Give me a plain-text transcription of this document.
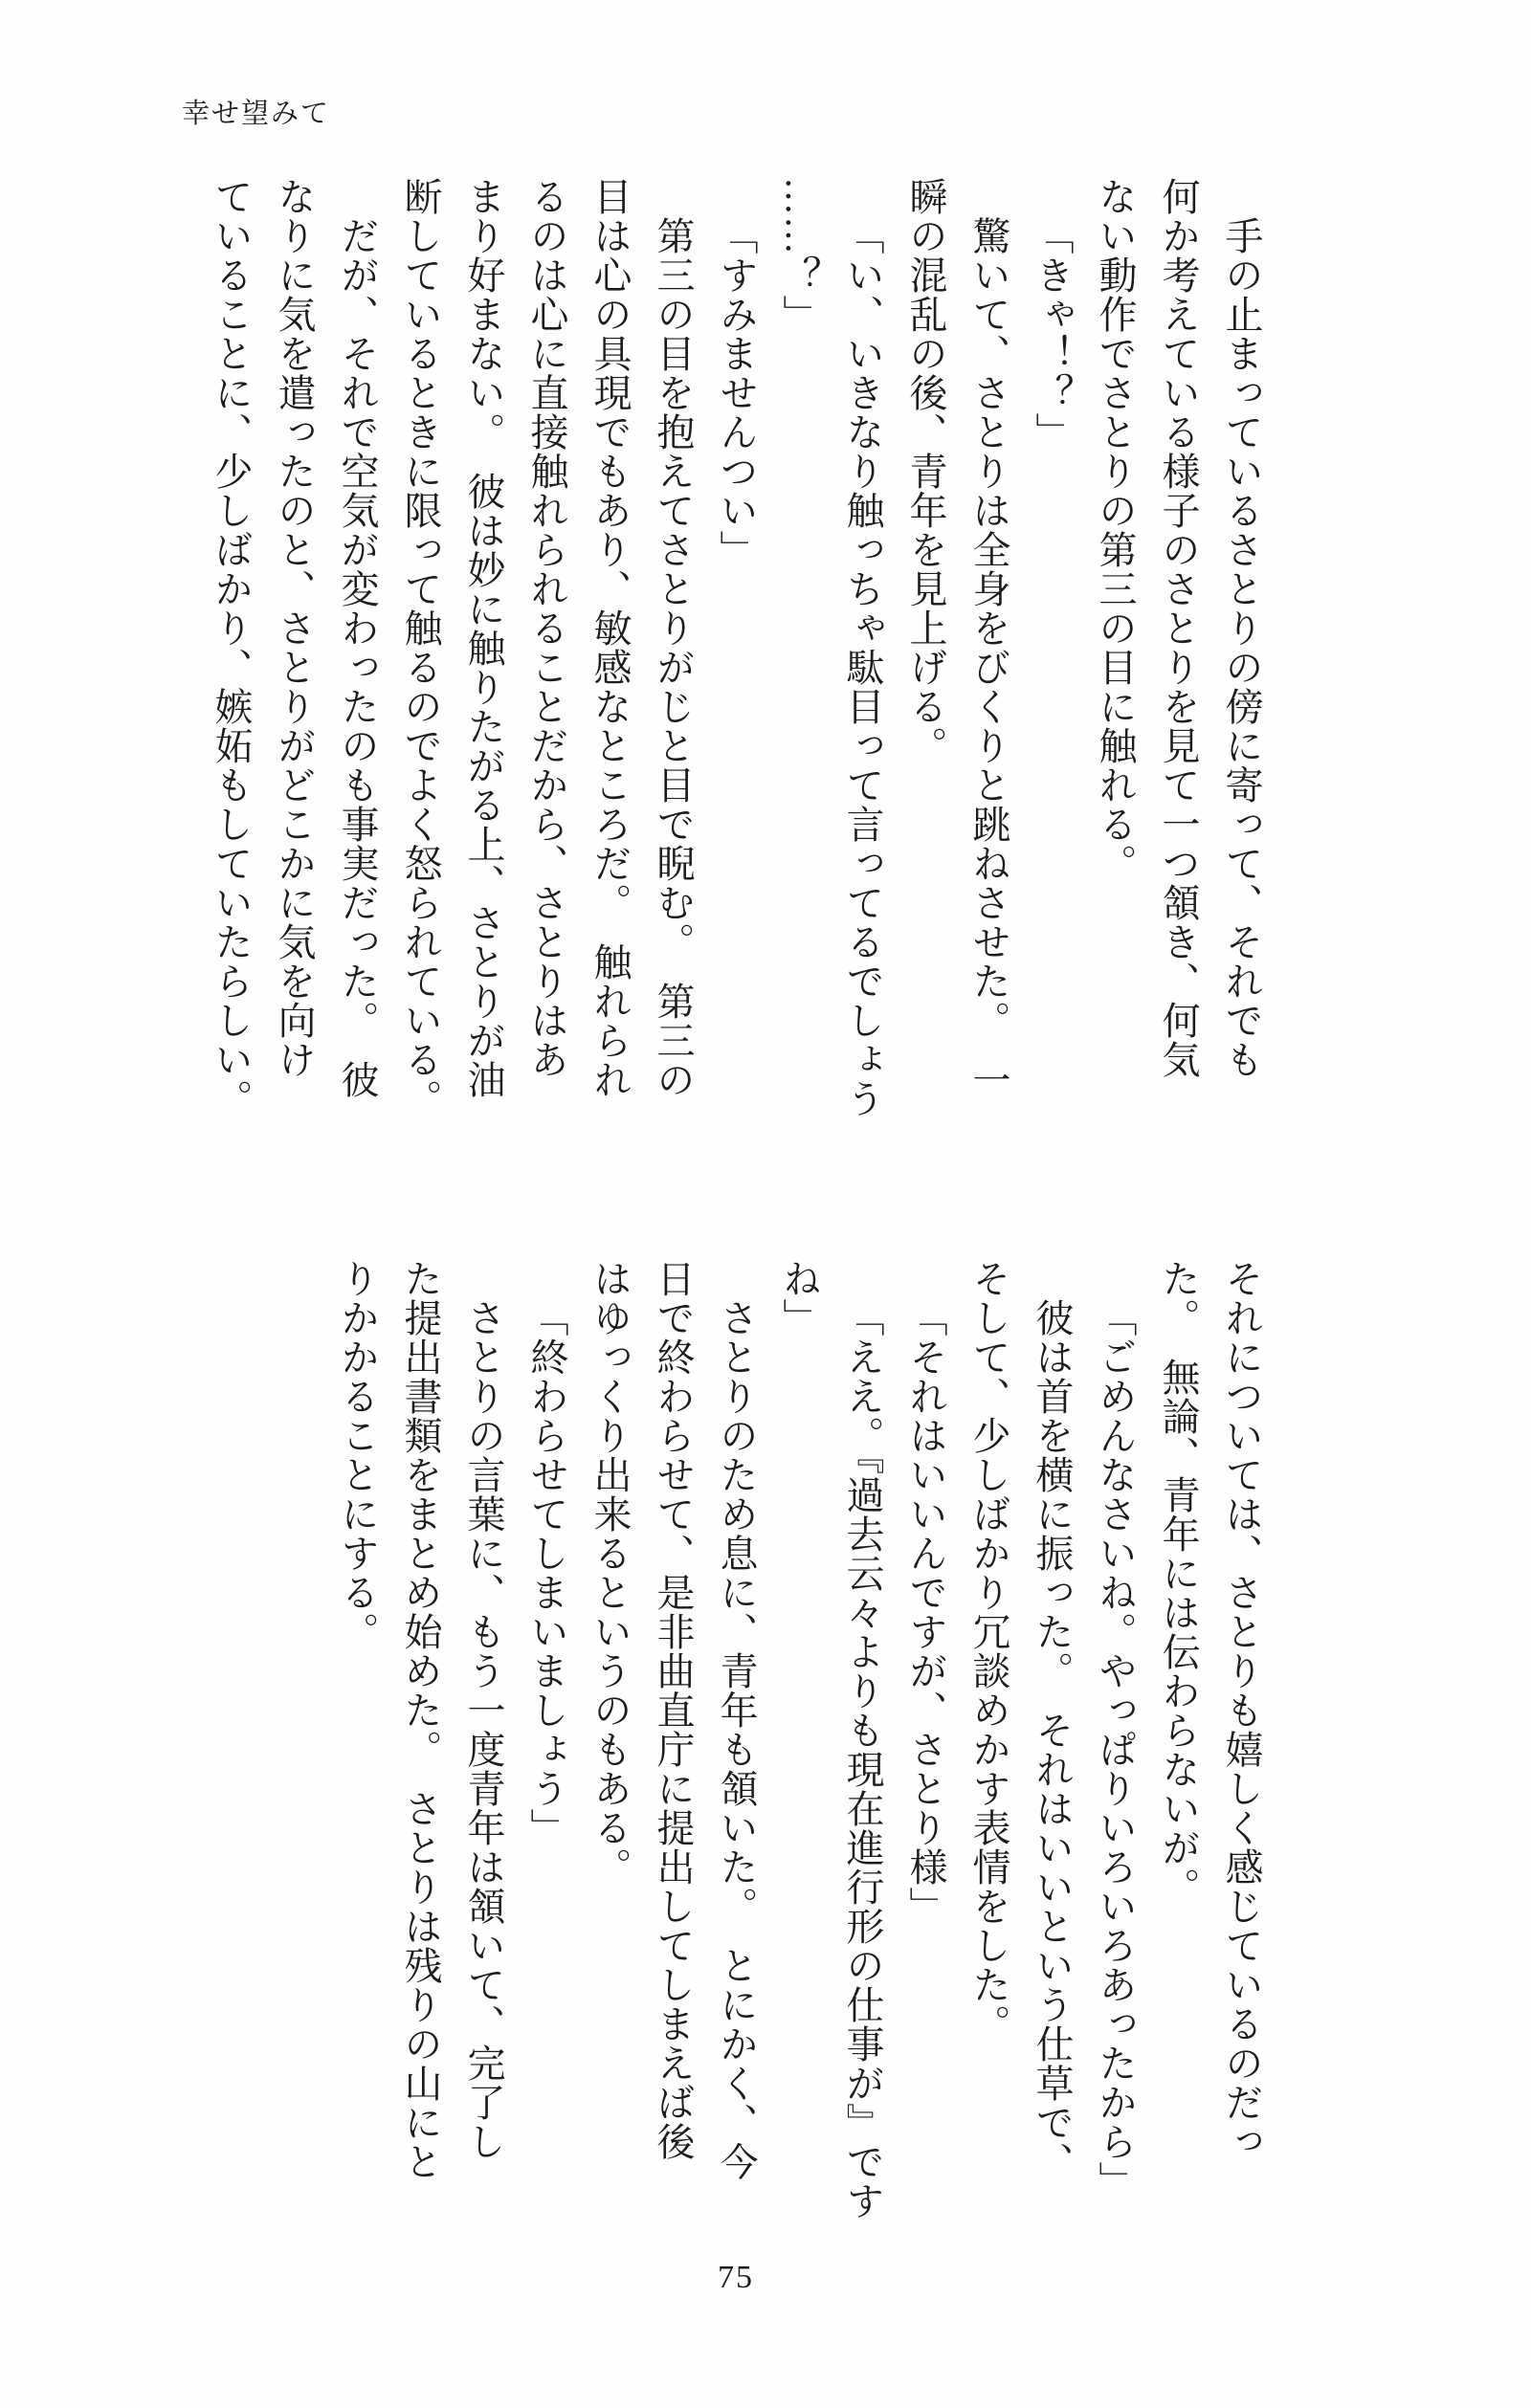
幸せ望みて

手の止まっているさとりの傍に寄って、それでも

何か考えている様子のさとりを見て一つ頷き、何気

ない動作でさとりの第三の目に触れる。

「きゃ！？」

驚いて、さとりは全身をびくりと跳ねさせた。　一

瞬の混乱の後、青年を見上げる。

「い、いきなり触っちゃ駄目って言ってるでしょう

……？」

「すみませんつい」

第三の目を抱えてさとりがじと目で睨む。　第三の

目は心の具現でもあり、敏感なところだ。　触れられ

るのは心に直接触れられることだから、さとりはあ

まり好まない。　彼は妙に触りたがる上、さとりが油

断しているときに限って触るのでよく怒られている。

だが、それで空気が変わったのも事実だった。　彼

なりに気を遣ったのと、さとりがどこかに気を向け

ていることに、少しばかり、嫉妬もしていたらしい。

それについては、さとりも嬉しく感じているのだっ

た。　無論、青年には伝わらないが。

「ごめんなさいね。やっぱりいろいろあったから」

彼は首を横に振った。　それはいいという仕草で、

そして、少しばかり冗談めかす表情をした。

「それはいいんですが、さとり様」

「ええ。『過去云々よりも現在進行形の仕事が』です

ね」

さとりのため息に、青年も頷いた。　とにかく、今

日で終わらせて、是非曲直庁に提出してしまえば後

はゆっくり出来るというのもある。

「終わらせてしまいましょう」

さとりの言葉に、もう一度青年は頷いて、完了し

た提出書類をまとめ始めた。　さとりは残りの山にと

りかかることにする。

75
